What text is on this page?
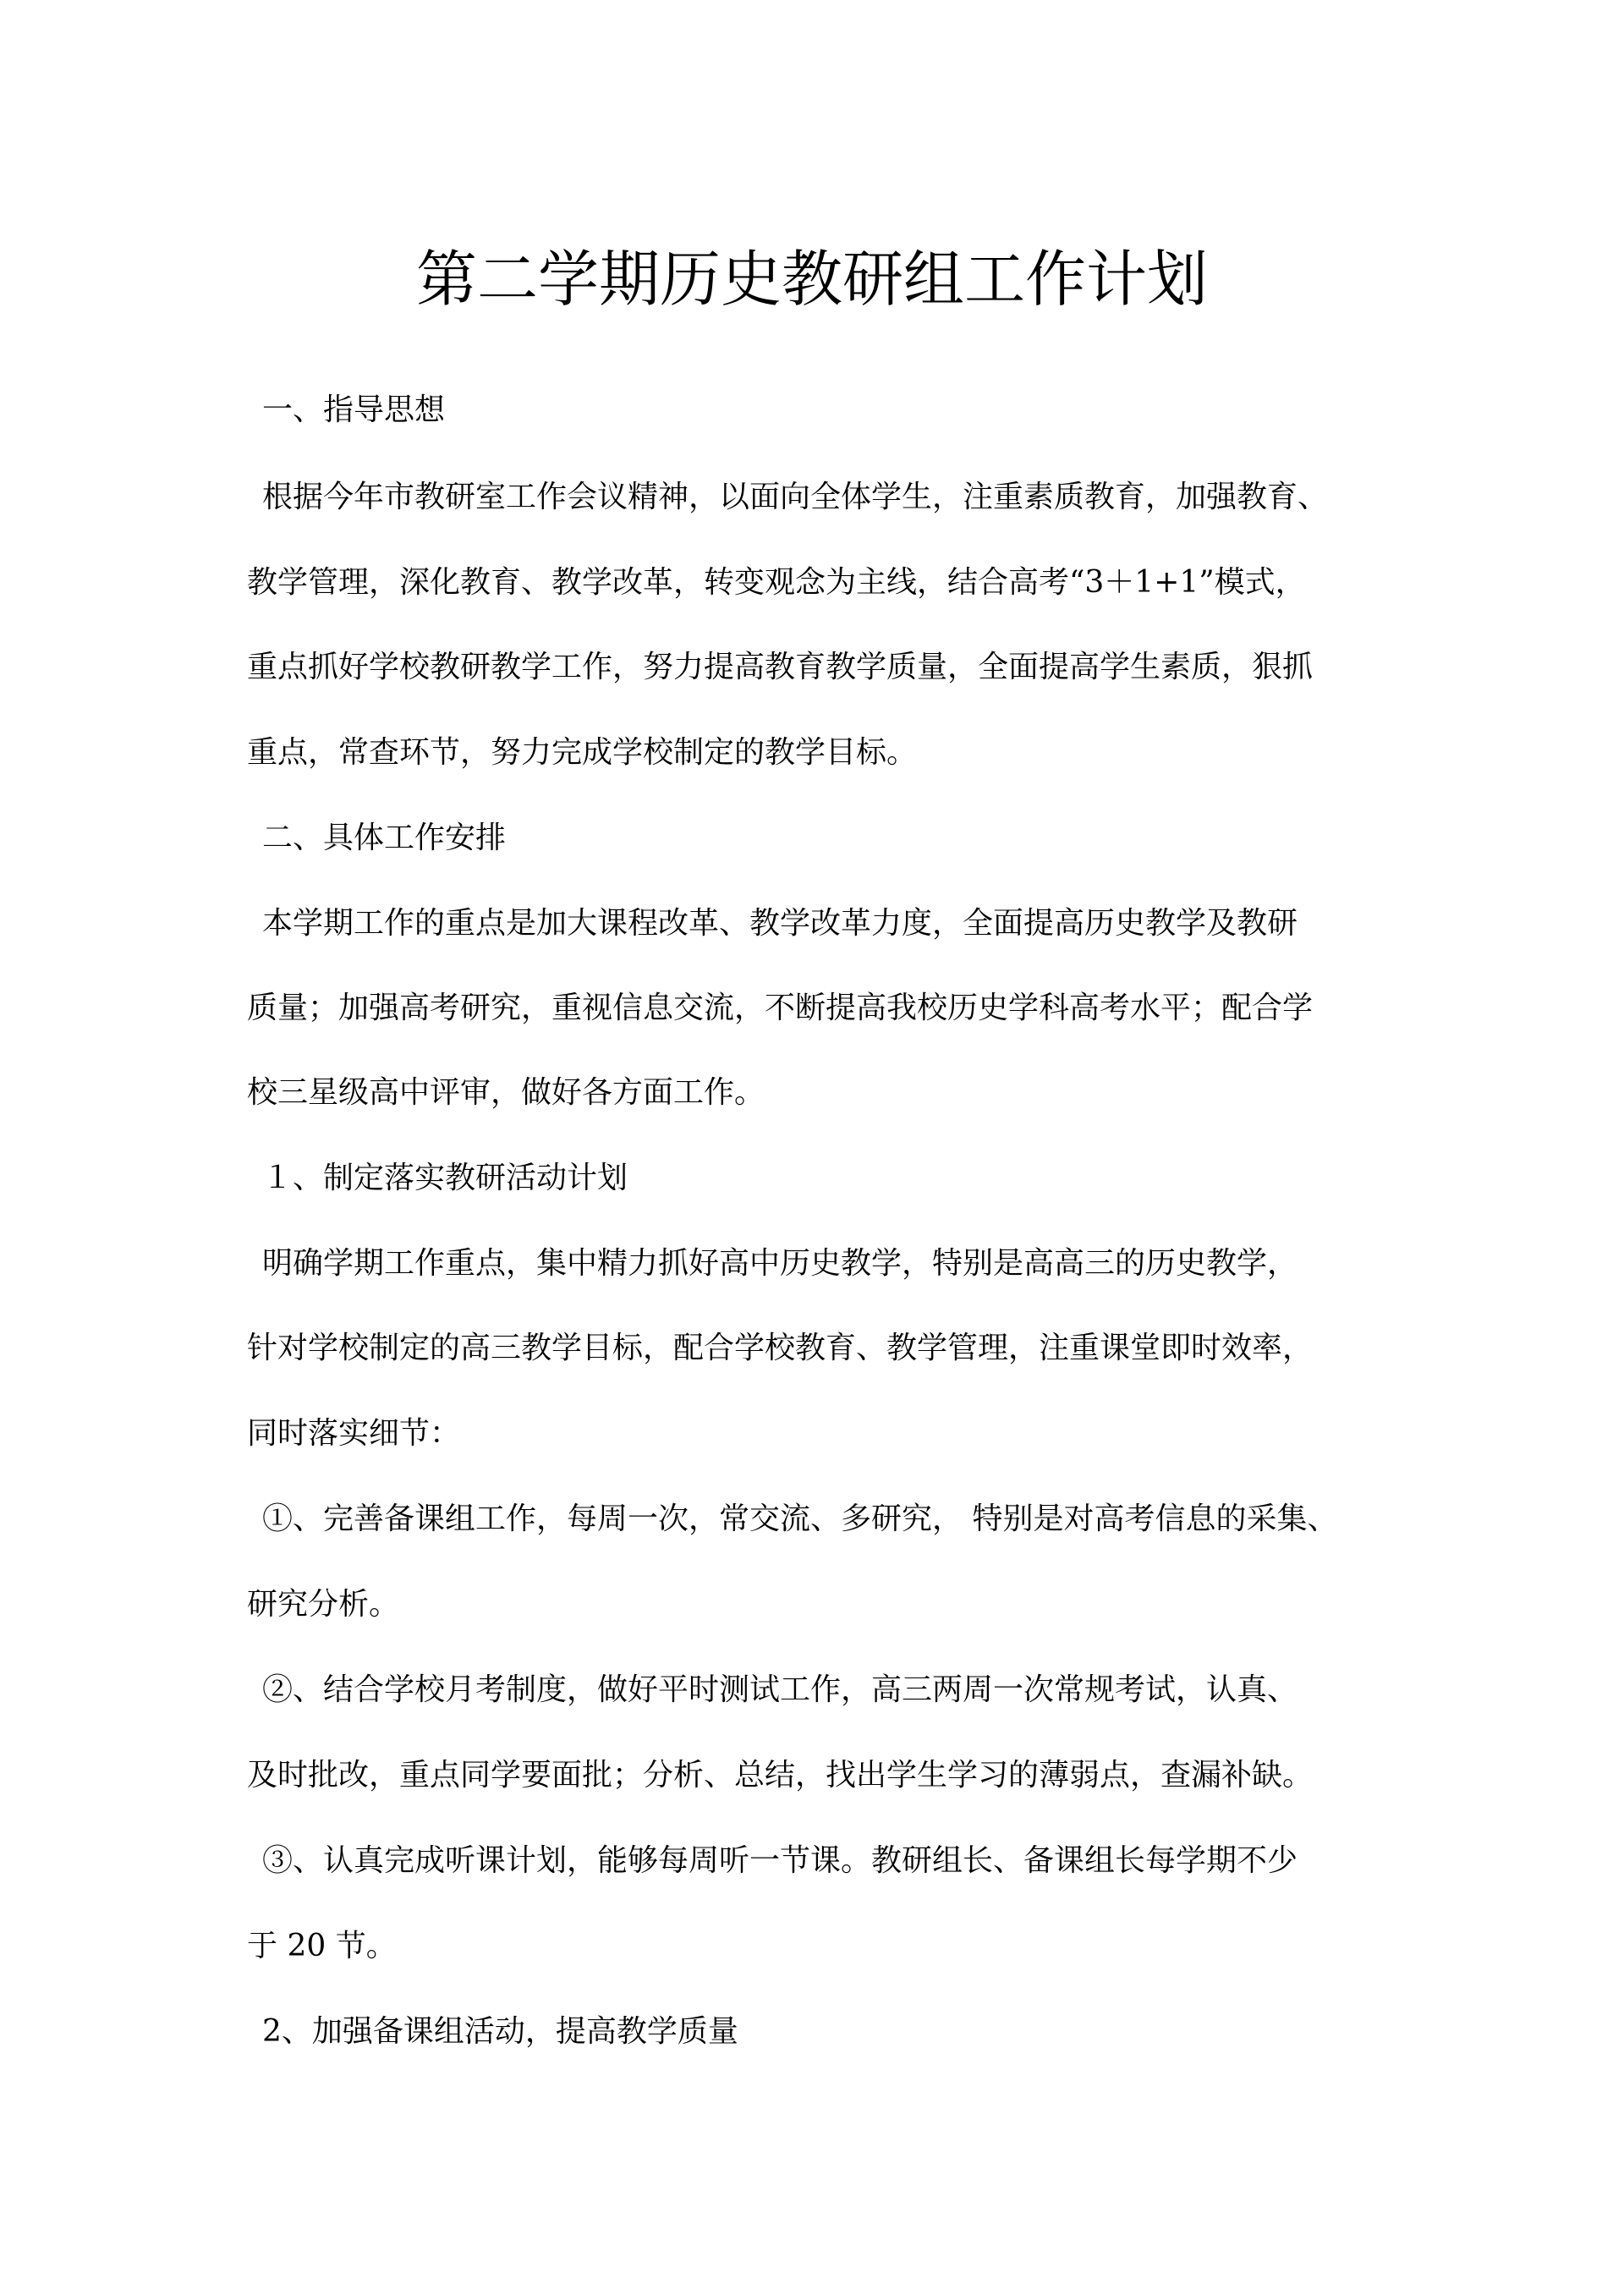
第二学期历史教研组工作计划
一、指导思想
根据今年市教研室工作会议精神，以面向全体学生，注重素质教育，加强教育、
教学管理，深化教育、教学改革，转变观念为主线，结合高考“3＋1+1”模式，
重点抓好学校教研教学工作，努力提高教育教学质量，全面提高学生素质，狠抓
重点，常查环节，努力完成学校制定的教学目标。
二、具体工作安排
本学期工作的重点是加大课程改革、教学改革力度，全面提高历史教学及教研
质量；加强高考研究，重视信息交流，不断提高我校历史学科高考水平；配合学
校三星级高中评审，做好各方面工作。
１、制定落实教研活动计划
明确学期工作重点，集中精力抓好高中历史教学，特别是高高三的历史教学，
针对学校制定的高三教学目标，配合学校教育、教学管理，注重课堂即时效率，
同时落实细节：
①、完善备课组工作，每周一次，常交流、多研究， 特别是对高考信息的采集、
研究分析。
②、结合学校月考制度，做好平时测试工作，高三两周一次常规考试，认真、
及时批改，重点同学要面批；分析、总结，找出学生学习的薄弱点，查漏补缺。
③、认真完成听课计划，能够每周听一节课。教研组长、备课组长每学期不少
于 20 节。
2、加强备课组活动，提高教学质量
